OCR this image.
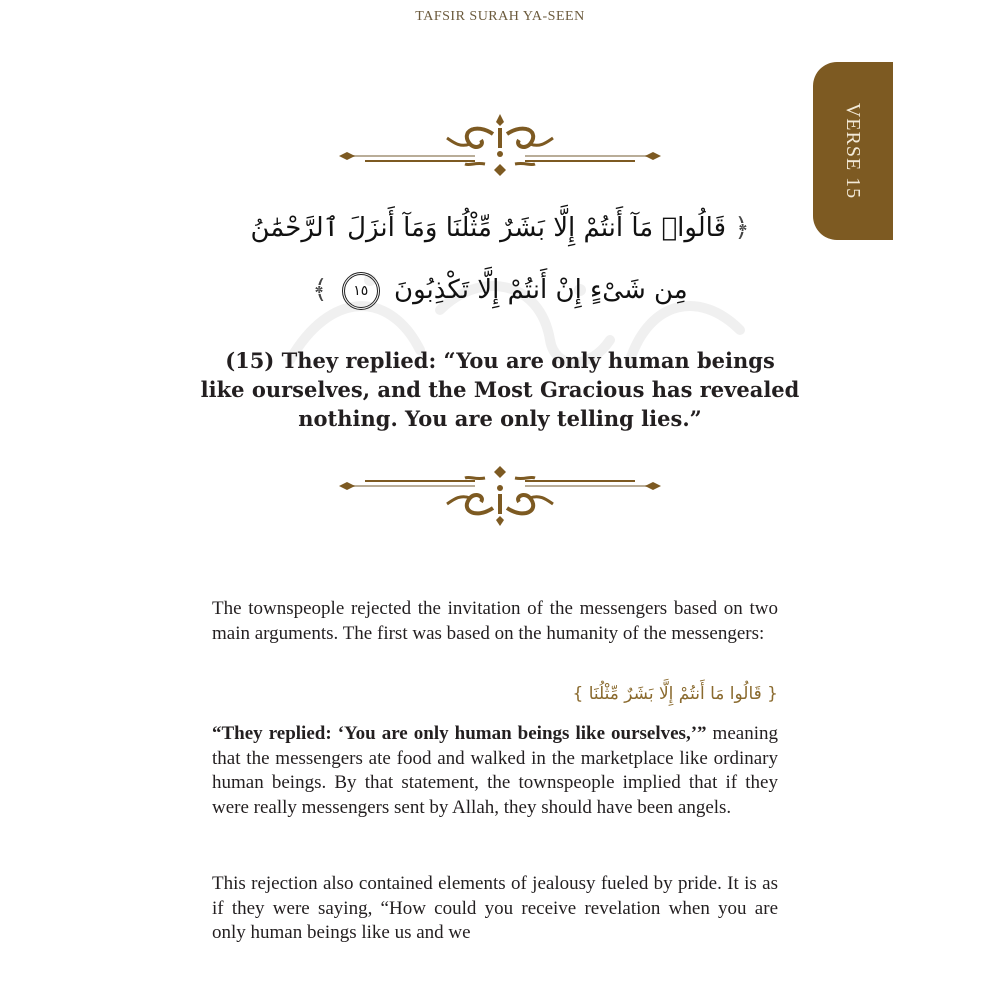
TAFSIR SURAH YA-SEEN
VERSE 15
﴿ قَالُوا۟ مَآ أَنتُمْ إِلَّا بَشَرٌ مِّثْلُنَا وَمَآ أَنزَلَ ٱلرَّحْمَٰنُ
مِن شَىْءٍ إِنْ أَنتُمْ إِلَّا تَكْذِبُونَ ١٥ ﴾

(15) They replied: “You are only human beings like ourselves, and the Most Gracious has revealed nothing. You are only telling lies.”

The townspeople rejected the invitation of the messengers based on two main arguments. The first was based on the humanity of the messengers:

{ قَالُوا مَا أَنتُمْ إِلَّا بَشَرٌ مِّثْلُنَا }

“They replied: ‘You are only human beings like ourselves,’” meaning that the messengers ate food and walked in the marketplace like ordinary human beings. By that statement, the townspeople implied that if they were really messengers sent by Allah, they should have been angels.

This rejection also contained elements of jealousy fueled by pride. It is as if they were saying, “How could you receive revelation when you are only human beings like us and we
